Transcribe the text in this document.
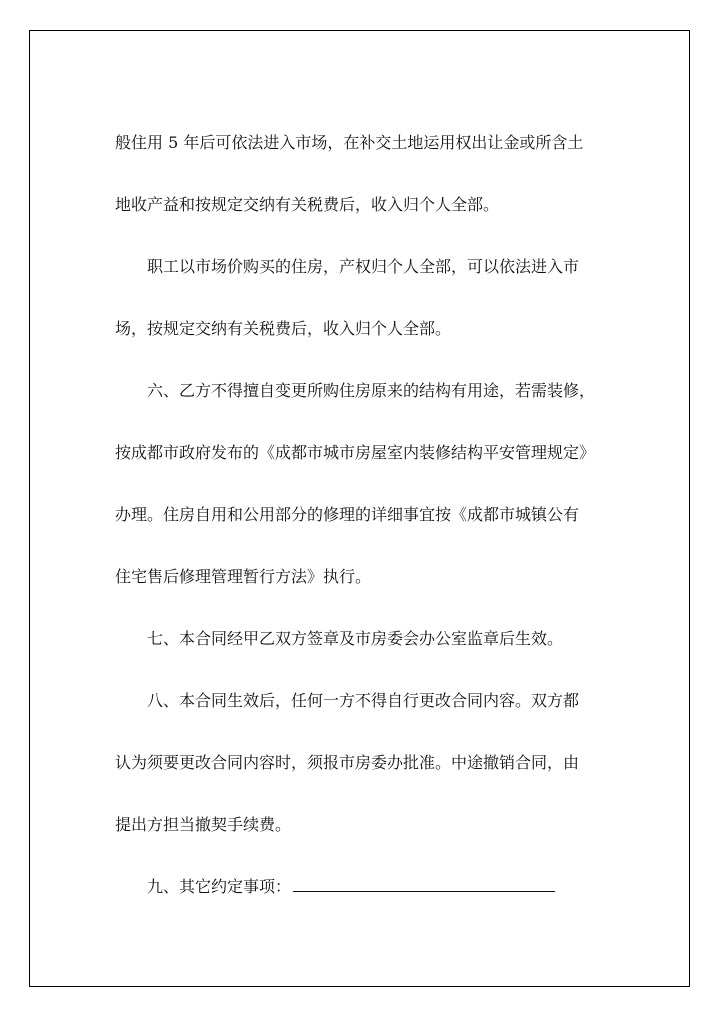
般住用 5 年后可依法进入市场，在补交土地运用权出让金或所含土
地收产益和按规定交纳有关税费后，收入归个人全部。
职工以市场价购买的住房，产权归个人全部，可以依法进入市
场，按规定交纳有关税费后，收入归个人全部。
六、乙方不得擅自变更所购住房原来的结构有用途，若需装修，
按成都市政府发布的《成都市城市房屋室内装修结构平安管理规定》
办理。住房自用和公用部分的修理的详细事宜按《成都市城镇公有
住宅售后修理管理暂行方法》执行。
七、本合同经甲乙双方签章及市房委会办公室监章后生效。
八、本合同生效后，任何一方不得自行更改合同内容。双方都
认为须要更改合同内容时，须报市房委办批准。中途撤销合同，由
提出方担当撤契手续费。
九、其它约定事项：
